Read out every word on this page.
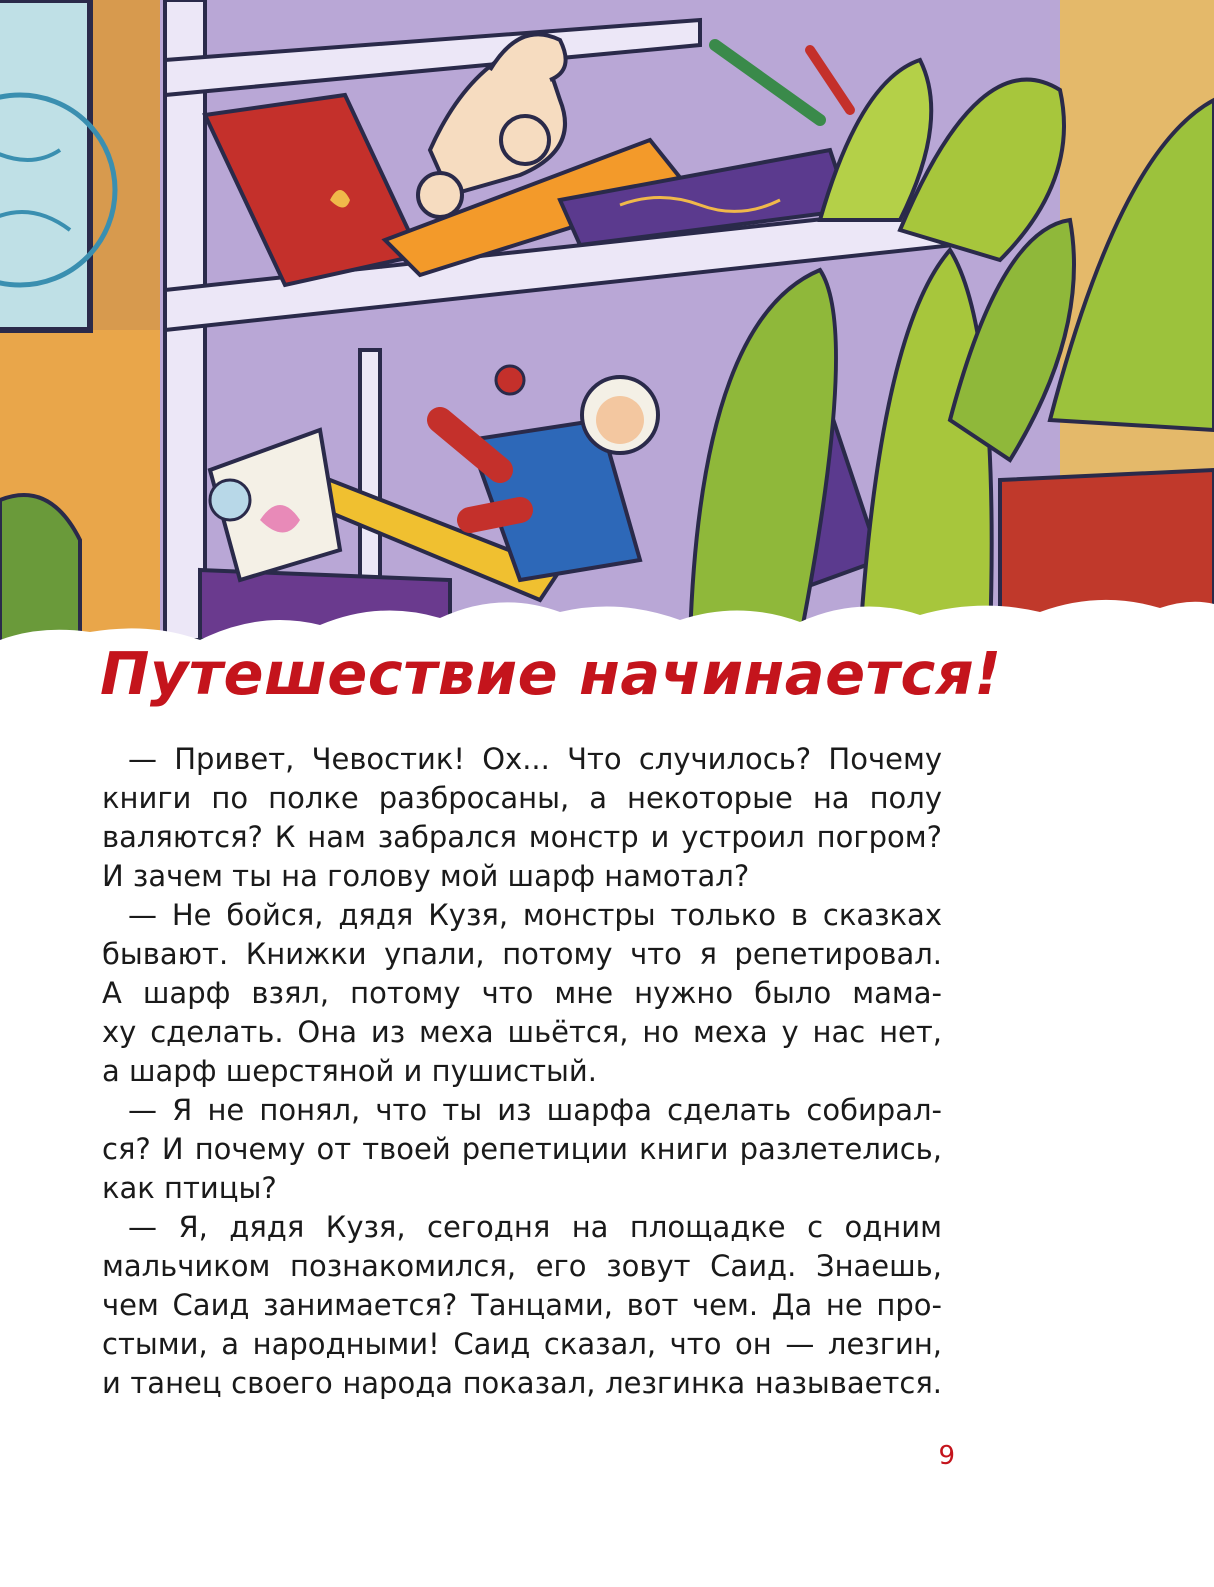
Путешествие начинается!
— Привет, Чевостик! Ох... Что случилось? Почему
книги по полке разбросаны, а некоторые на полу
валяются? К нам забрался монстр и устроил погром?
И зачем ты на голову мой шарф намотал?
— Не бойся, дядя Кузя, монстры только в сказках
бывают. Книжки упали, потому что я репетировал.
А шарф взял, потому что мне нужно было мама-
ху сделать. Она из меха шьётся, но меха у нас нет,
а шарф шерстяной и пушистый.
— Я не понял, что ты из шарфа сделать собирал-
ся? И почему от твоей репетиции книги разлетелись,
как птицы?
— Я, дядя Кузя, сегодня на площадке с одним
мальчиком познакомился, его зовут Саид. Знаешь,
чем Саид занимается? Танцами, вот чем. Да не про-
стыми, а народными! Саид сказал, что он — лезгин,
и танец своего народа показал, лезгинка называется.
9
